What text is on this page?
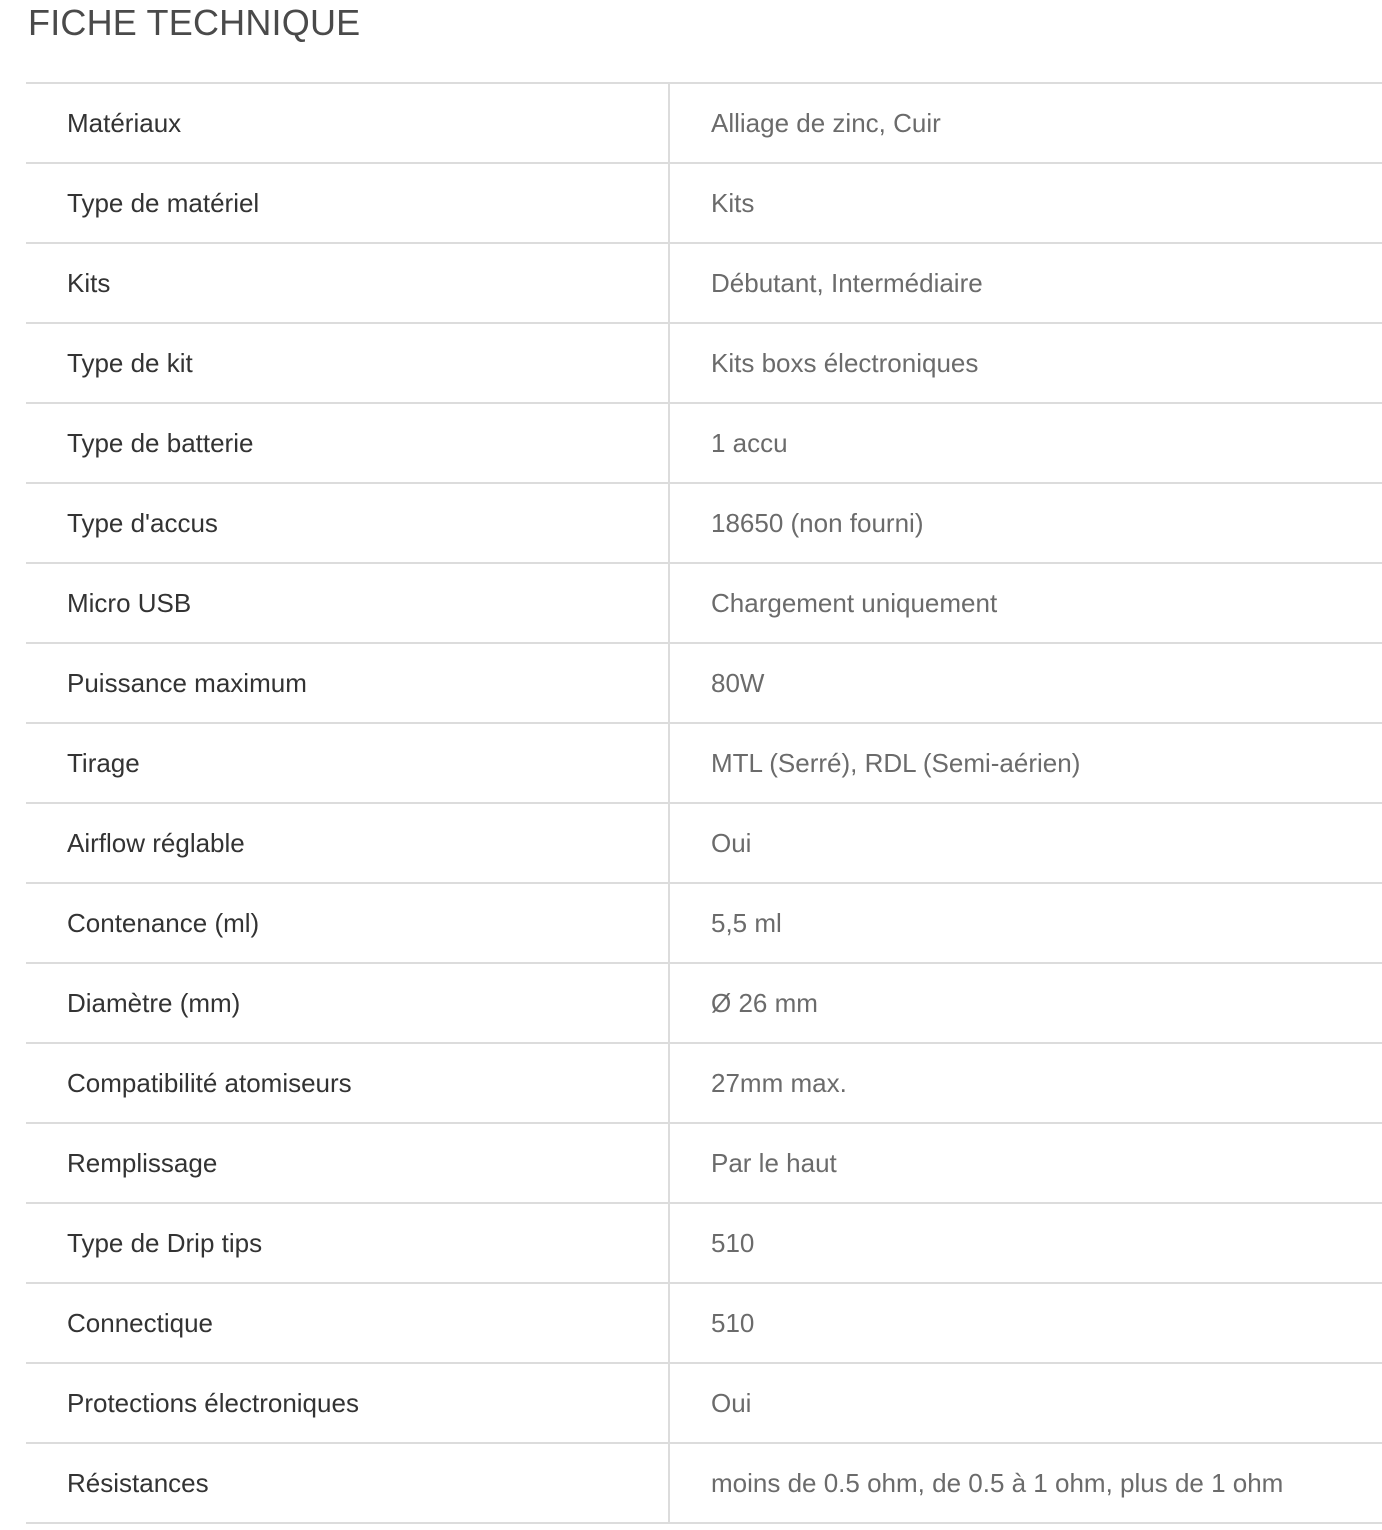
FICHE TECHNIQUE
Matériaux	Alliage de zinc, Cuir
Type de matériel	Kits
Kits	Débutant, Intermédiaire
Type de kit	Kits boxs électroniques
Type de batterie	1 accu
Type d'accus	18650 (non fourni)
Micro USB	Chargement uniquement
Puissance maximum	80W
Tirage	MTL (Serré), RDL (Semi-aérien)
Airflow réglable	Oui
Contenance (ml)	5,5 ml
Diamètre (mm)	Ø 26 mm
Compatibilité atomiseurs	27mm max.
Remplissage	Par le haut
Type de Drip tips	510
Connectique	510
Protections électroniques	Oui
Résistances	moins de 0.5 ohm, de 0.5 à 1 ohm, plus de 1 ohm
